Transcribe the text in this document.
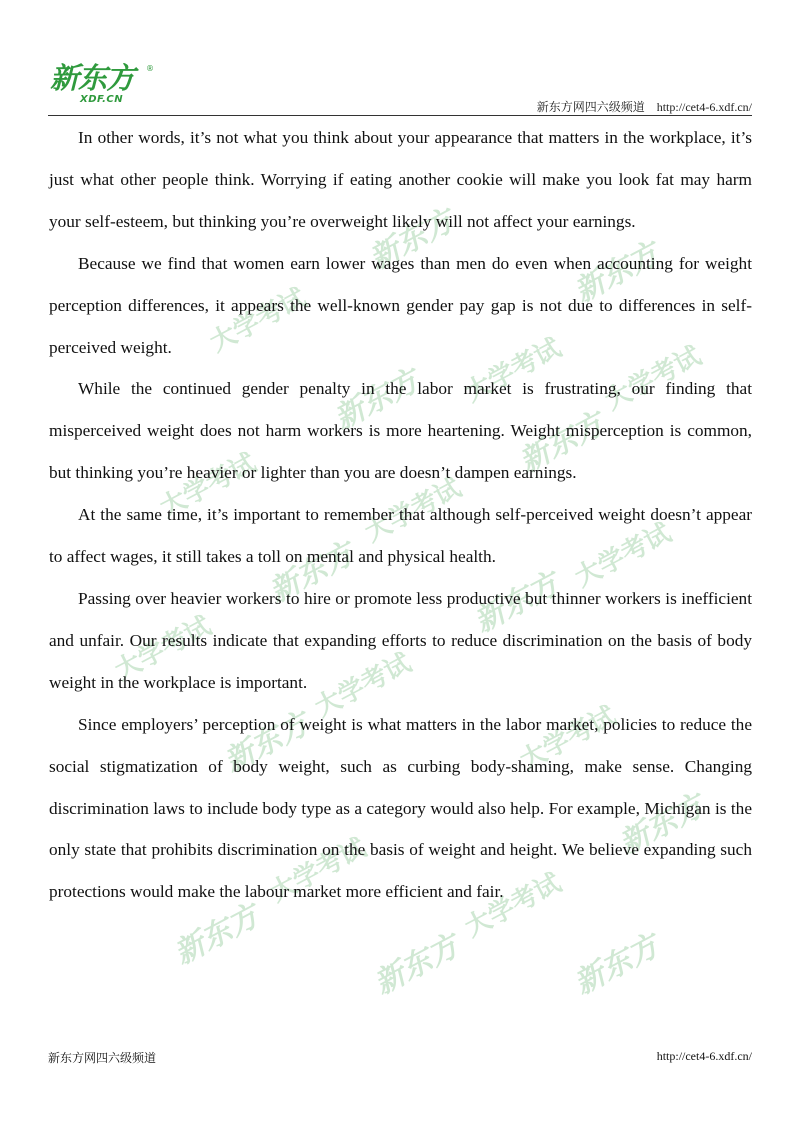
新东方 ®
XDF.CN
新东方网四六级频道    http://cet4-6.xdf.cn/
新东方	新东方
大学考试
大学考试
新东方
新东方
大学考试
大学考试	大学考试
新东方	新东方
大学考试
大学考试	大学考试
新东方	大学考试
新东方
大学考试	大学考试
新东方	新东方	新东方

In other words, it’s not what you think about your appearance that matters in the workplace, it’s just what other people think. Worrying if eating another cookie will make you look fat may harm your self-esteem, but thinking you’re overweight likely will not affect your earnings.

Because we find that women earn lower wages than men do even when accounting for weight perception differences, it appears the well-known gender pay gap is not due to differences in self-perceived weight.

While the continued gender penalty in the labor market is frustrating, our finding that misperceived weight does not harm workers is more heartening. Weight misperception is common, but thinking you’re heavier or lighter than you are doesn’t dampen earnings.

At the same time, it’s important to remember that although self-perceived weight doesn’t appear to affect wages, it still takes a toll on mental and physical health.

Passing over heavier workers to hire or promote less productive but thinner workers is inefficient and unfair. Our results indicate that expanding efforts to reduce discrimination on the basis of body weight in the workplace is important.

Since employers’ perception of weight is what matters in the labor market, policies to reduce the social stigmatization of body weight, such as curbing body-shaming, make sense. Changing discrimination laws to include body type as a category would also help. For example, Michigan is the only state that prohibits discrimination on the basis of weight and height. We believe expanding such protections would make the labour market more efficient and fair.

新东方网四六级频道	http://cet4-6.xdf.cn/
